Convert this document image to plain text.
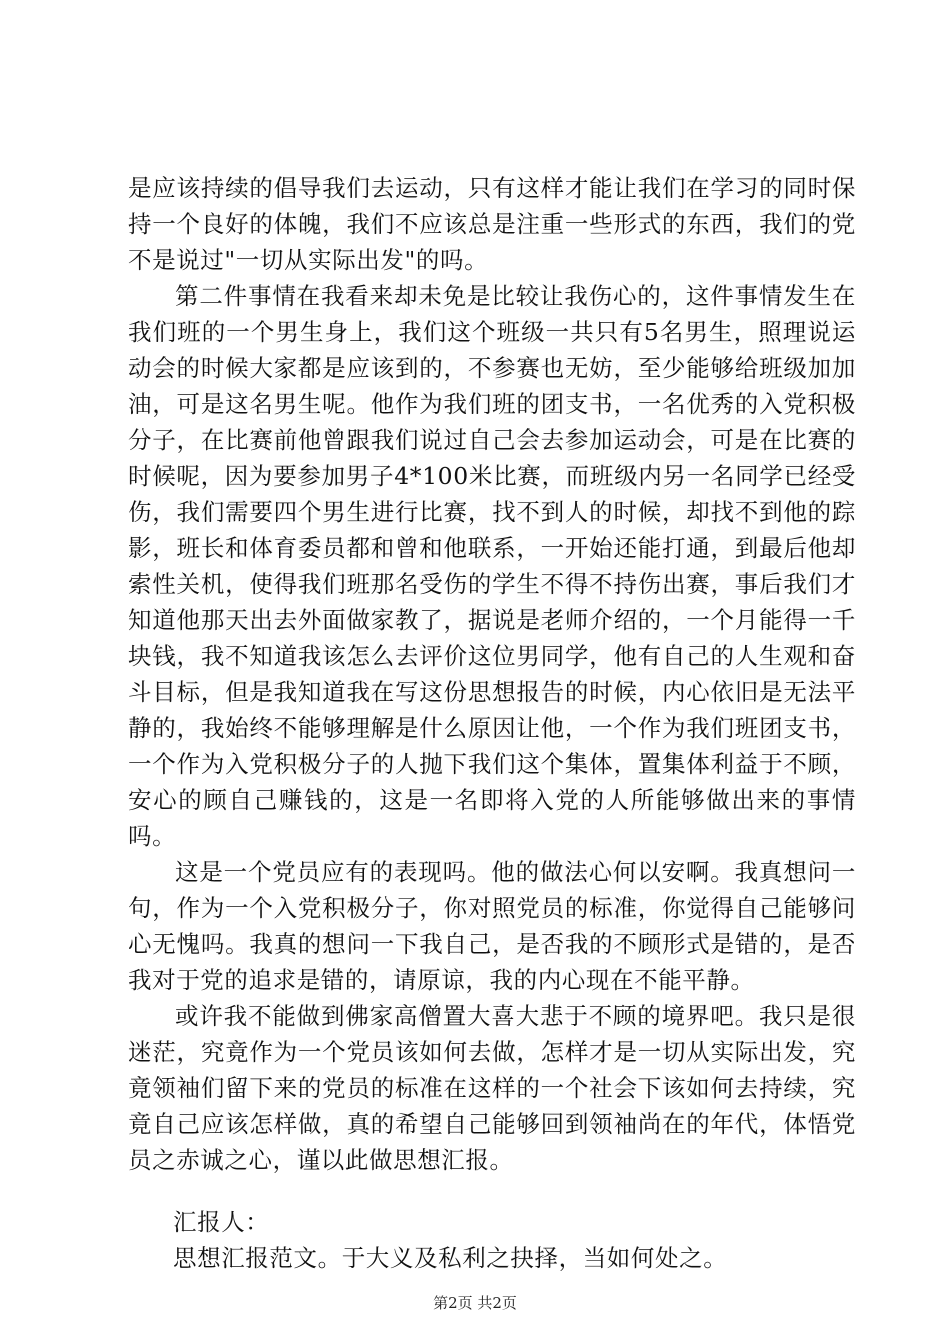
是应该持续的倡导我们去运动，只有这样才能让我们在学习的同时保持一个良好的体魄，我们不应该总是注重一些形式的东西，我们的党不是说过"一切从实际出发"的吗。

第二件事情在我看来却未免是比较让我伤心的，这件事情发生在我们班的一个男生身上，我们这个班级一共只有5名男生，照理说运动会的时候大家都是应该到的，不参赛也无妨，至少能够给班级加加油，可是这名男生呢。他作为我们班的团支书，一名优秀的入党积极分子，在比赛前他曾跟我们说过自己会去参加运动会，可是在比赛的时候呢，因为要参加男子4*100米比赛，而班级内另一名同学已经受伤，我们需要四个男生进行比赛，找不到人的时候，却找不到他的踪影，班长和体育委员都和曾和他联系，一开始还能打通，到最后他却索性关机，使得我们班那名受伤的学生不得不持伤出赛，事后我们才知道他那天出去外面做家教了，据说是老师介绍的，一个月能得一千块钱，我不知道我该怎么去评价这位男同学，他有自己的人生观和奋斗目标，但是我知道我在写这份思想报告的时候，内心依旧是无法平静的，我始终不能够理解是什么原因让他，一个作为我们班团支书，一个作为入党积极分子的人抛下我们这个集体，置集体利益于不顾，安心的顾自己赚钱的，这是一名即将入党的人所能够做出来的事情吗。

这是一个党员应有的表现吗。他的做法心何以安啊。我真想问一句，作为一个入党积极分子，你对照党员的标准，你觉得自己能够问心无愧吗。我真的想问一下我自己，是否我的不顾形式是错的，是否我对于党的追求是错的，请原谅，我的内心现在不能平静。

或许我不能做到佛家高僧置大喜大悲于不顾的境界吧。我只是很迷茫，究竟作为一个党员该如何去做，怎样才是一切从实际出发，究竟领袖们留下来的党员的标准在这样的一个社会下该如何去持续，究竟自己应该怎样做，真的希望自己能够回到领袖尚在的年代，体悟党员之赤诚之心，谨以此做思想汇报。

汇报人：
思想汇报范文。于大义及私利之抉择，当如何处之。
第2页 共2页
